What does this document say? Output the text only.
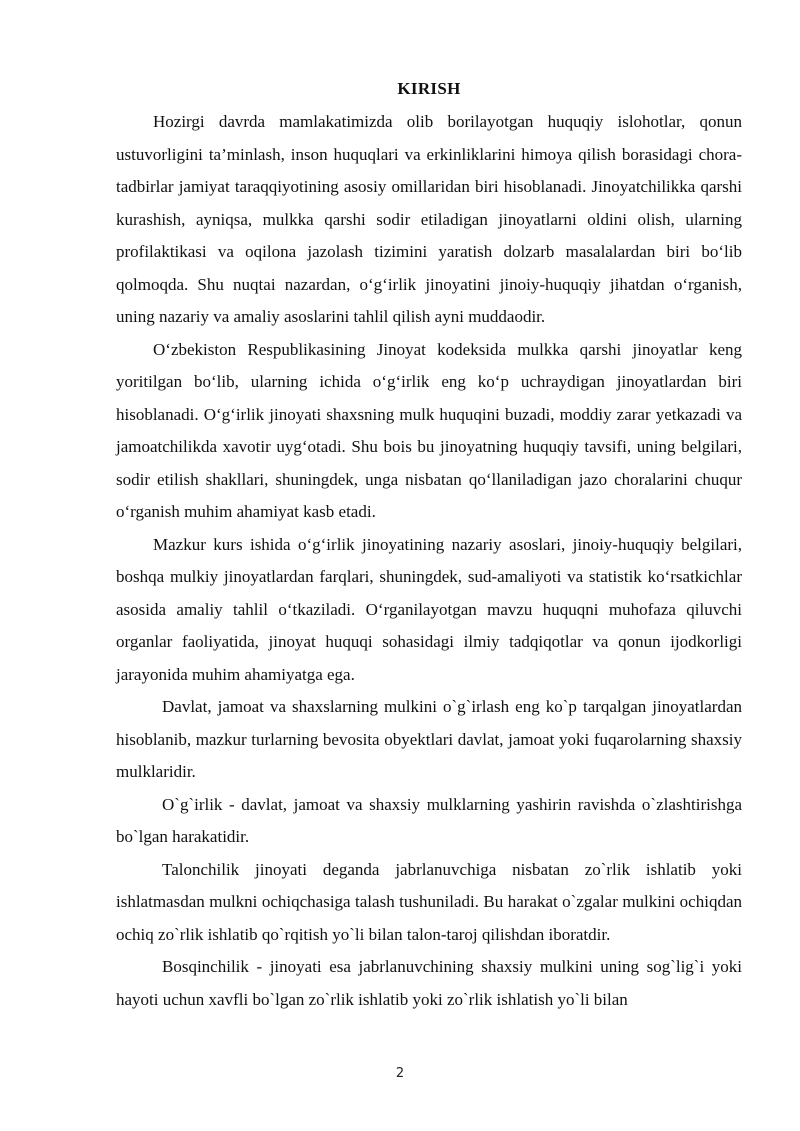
KIRISH

Hozirgi davrda mamlakatimizda olib borilayotgan huquqiy islohotlar, qonun ustuvorligini ta’minlash, inson huquqlari va erkinliklarini himoya qilish borasidagi chora-tadbirlar jamiyat taraqqiyotining asosiy omillaridan biri hisoblanadi. Jinoyatchilikka qarshi kurashish, ayniqsa, mulkka qarshi sodir etiladigan jinoyatlarni oldini olish, ularning profilaktikasi va oqilona jazolash tizimini yaratish dolzarb masalalardan biri bo‘lib qolmoqda. Shu nuqtai nazardan, o‘g‘irlik jinoyatini jinoiy-huquqiy jihatdan o‘rganish, uning nazariy va amaliy asoslarini tahlil qilish ayni muddaodir.

O‘zbekiston Respublikasining Jinoyat kodeksida mulkka qarshi jinoyatlar keng yoritilgan bo‘lib, ularning ichida o‘g‘irlik eng ko‘p uchraydigan jinoyatlardan biri hisoblanadi. O‘g‘irlik jinoyati shaxsning mulk huquqini buzadi, moddiy zarar yetkazadi va jamoatchilikda xavotir uyg‘otadi. Shu bois bu jinoyatning huquqiy tavsifi, uning belgilari, sodir etilish shakllari, shuningdek, unga nisbatan qo‘llaniladigan jazo choralarini chuqur o‘rganish muhim ahamiyat kasb etadi.

Mazkur kurs ishida o‘g‘irlik jinoyatining nazariy asoslari, jinoiy-huquqiy belgilari, boshqa mulkiy jinoyatlardan farqlari, shuningdek, sud-amaliyoti va statistik ko‘rsatkichlar asosida amaliy tahlil o‘tkaziladi. O‘rganilayotgan mavzu huquqni muhofaza qiluvchi organlar faoliyatida, jinoyat huquqi sohasidagi ilmiy tadqiqotlar va qonun ijodkorligi jarayonida muhim ahamiyatga ega.

Davlat, jamoat va shaxslarning mulkini o`g`irlash eng ko`p tarqalgan jinoyatlardan hisoblanib, mazkur turlarning bevosita obyektlari davlat, jamoat yoki fuqarolarning shaxsiy mulklaridir.

O`g`irlik - davlat, jamoat va shaxsiy mulklarning yashirin ravishda o`zlashtirishga bo`lgan harakatidir.

Talonchilik jinoyati deganda jabrlanuvchiga nisbatan zo`rlik ishlatib yoki ishlatmasdan mulkni ochiqchasiga talash tushuniladi. Bu harakat o`zgalar mulkini ochiqdan ochiq zo`rlik ishlatib qo`rqitish yo`li bilan talon-taroj qilishdan iboratdir.

Bosqinchilik - jinoyati esa jabrlanuvchining shaxsiy mulkini uning sog`lig`i yoki hayoti uchun xavfli bo`lgan zo`rlik ishlatib yoki zo`rlik ishlatish yo`li bilan

2
